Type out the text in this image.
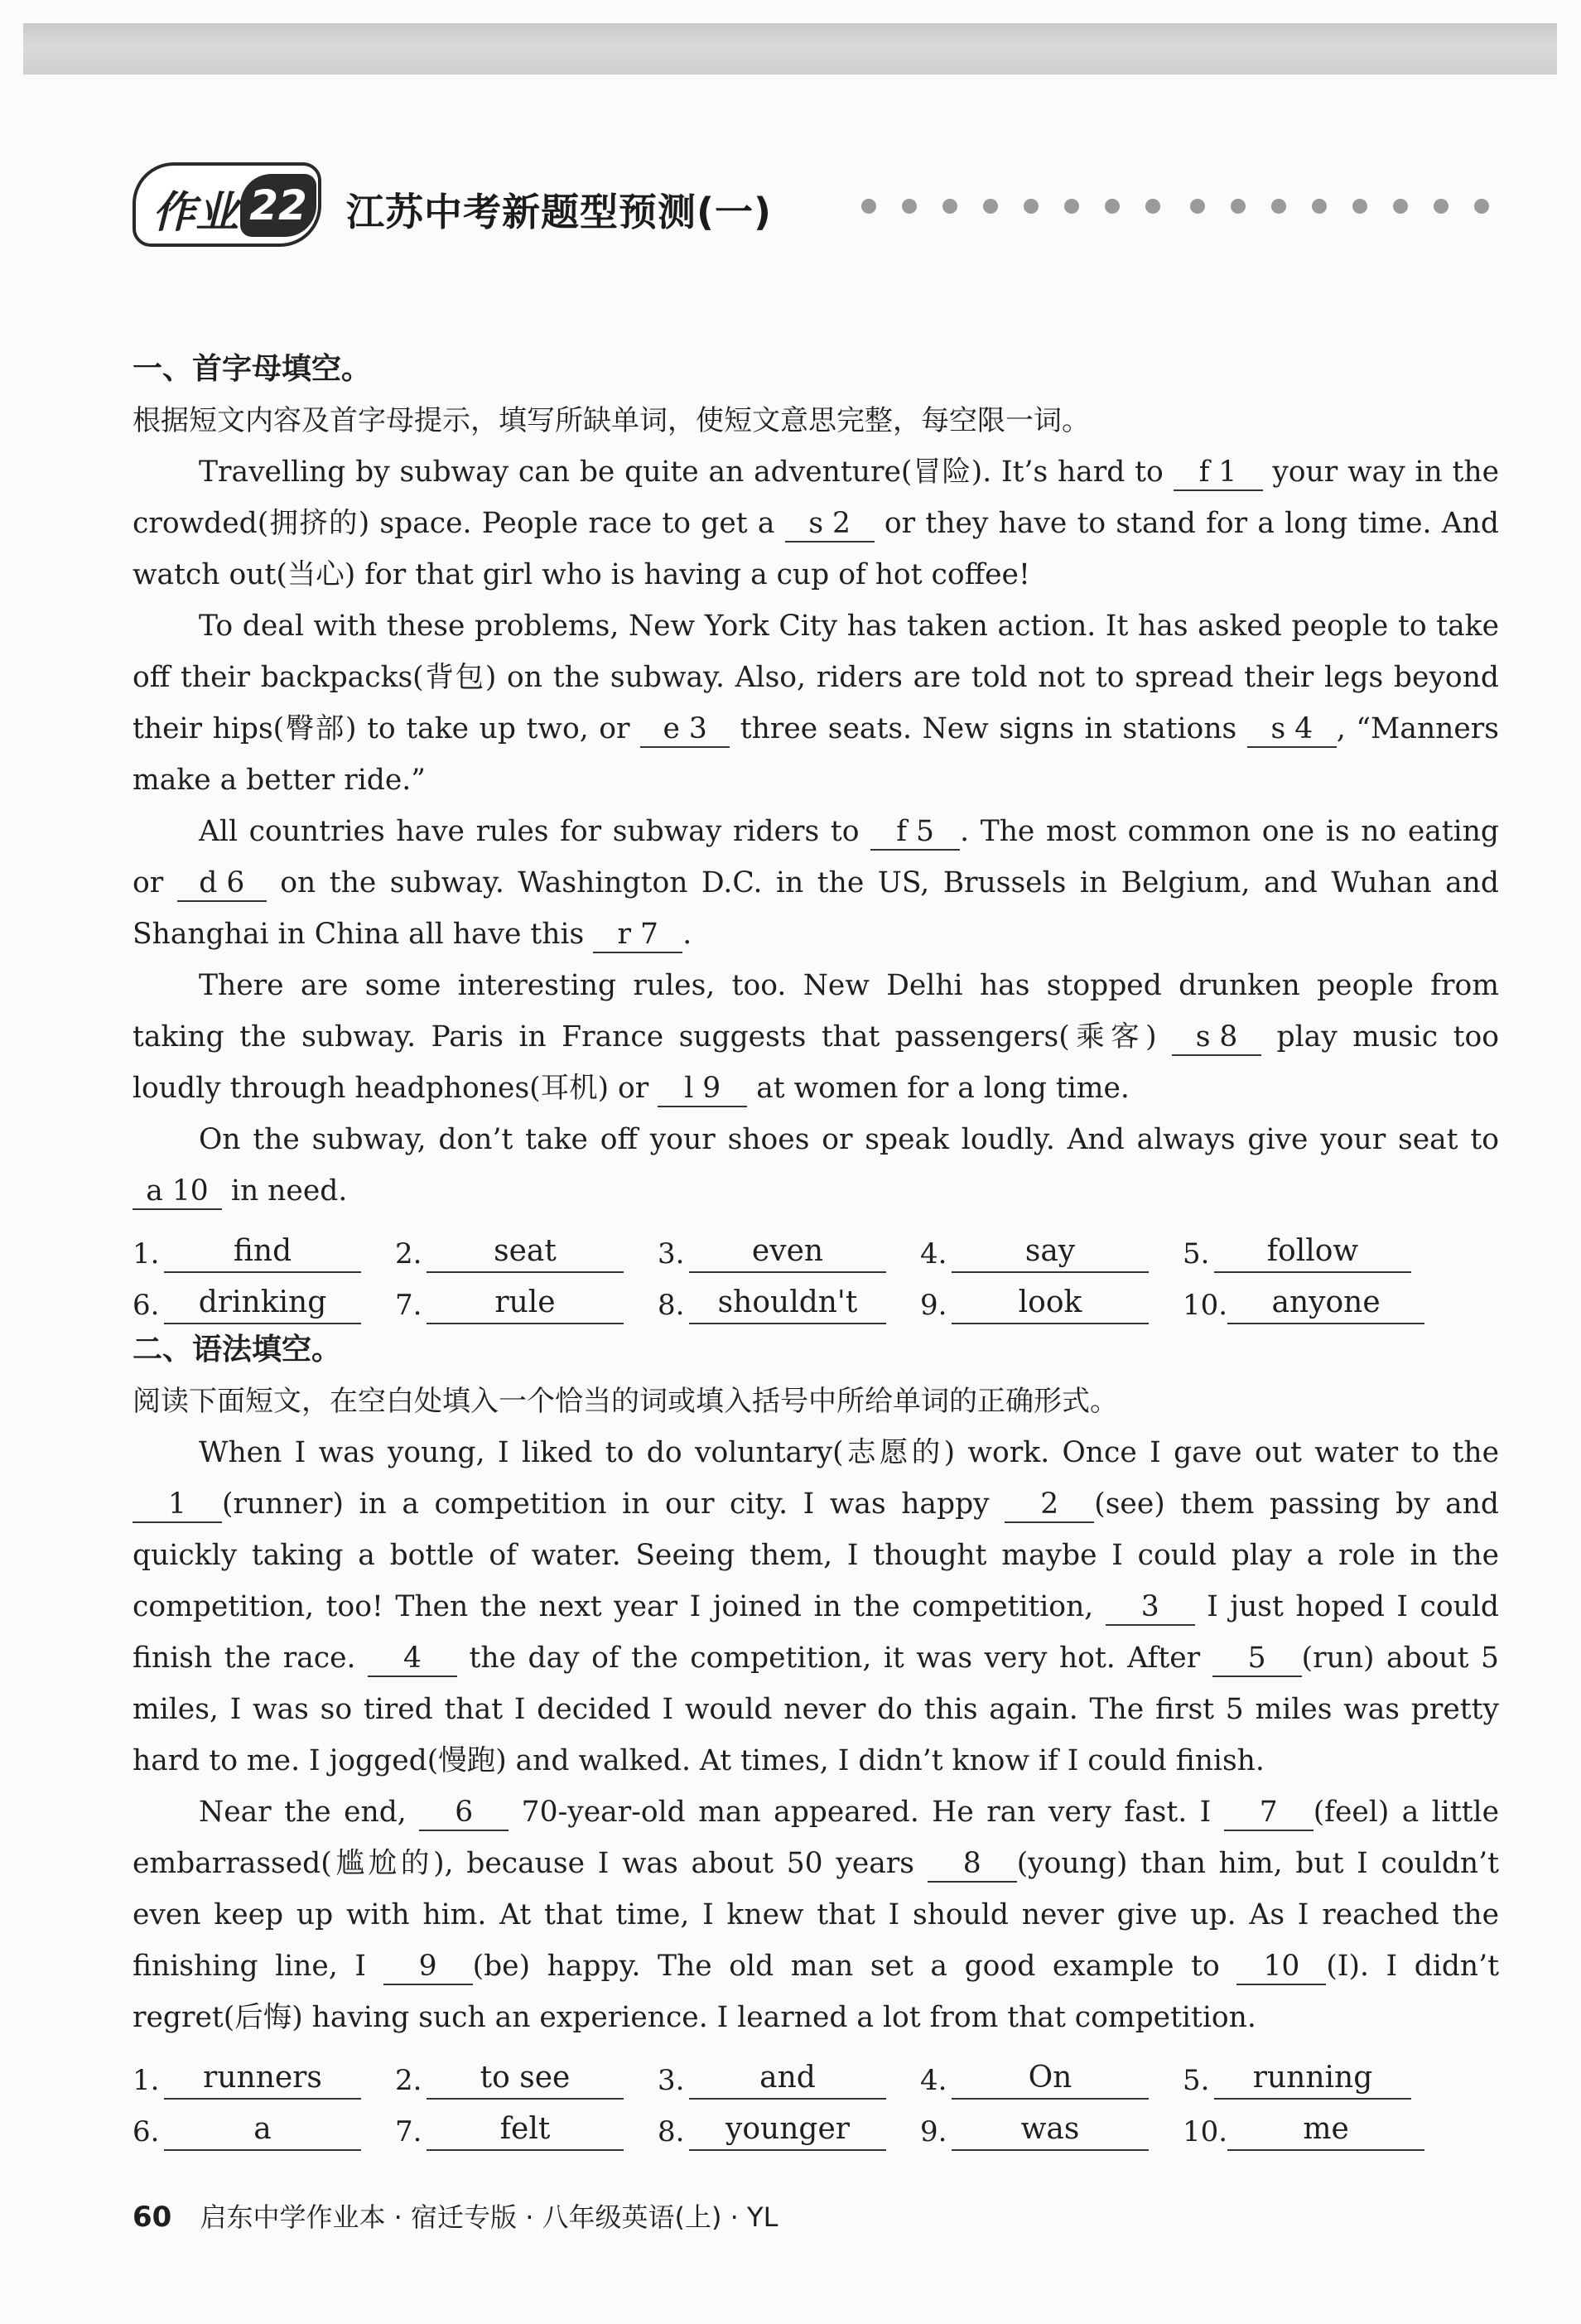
作业 22 江苏中考新题型预测(一)

一、首字母填空。
根据短文内容及首字母提示，填写所缺单词，使短文意思完整，每空限一词。

Travelling by subway can be quite an adventure(冒险). It’s hard to f 1 your way in the crowded(拥挤的) space. People race to get a s 2 or they have to stand for a long time. And watch out(当心) for that girl who is having a cup of hot coffee!

To deal with these problems, New York City has taken action. It has asked people to take off their backpacks(背包) on the subway. Also, riders are told not to spread their legs beyond their hips(臀部) to take up two, or e 3 three seats. New signs in stations s 4 , “Manners make a better ride.”

All countries have rules for subway riders to f 5 . The most common one is no eating or d 6 on the subway. Washington D.C. in the US, Brussels in Belgium, and Wuhan and Shanghai in China all have this r 7 .

There are some interesting rules, too. New Delhi has stopped drunken people from taking the subway. Paris in France suggests that passengers(乘客) s 8 play music too loudly through headphones(耳机) or l 9 at women for a long time.

On the subway, don’t take off your shoes or speak loudly. And always give your seat to a 10 in need.

1.	find	2.	seat	3.	even	4.	say	5.	follow
6.	drinking	7.	rule	8.	shouldn't	9.	look	10.	anyone
二、语法填空。
阅读下面短文，在空白处填入一个恰当的词或填入括号中所给单词的正确形式。

When I was young, I liked to do voluntary(志愿的) work. Once I gave out water to the 1 (runner) in a competition in our city. I was happy 2 (see) them passing by and quickly taking a bottle of water. Seeing them, I thought maybe I could play a role in the competition, too! Then the next year I joined in the competition, 3 I just hoped I could finish the race. 4 the day of the competition, it was very hot. After 5 (run) about 5 miles, I was so tired that I decided I would never do this again. The first 5 miles was pretty hard to me. I jogged(慢跑) and walked. At times, I didn’t know if I could finish.

Near the end, 6 70-year-old man appeared. He ran very fast. I 7 (feel) a little embarrassed(尴尬的), because I was about 50 years 8 (young) than him, but I couldn’t even keep up with him. At that time, I knew that I should never give up. As I reached the finishing line, I 9 (be) happy. The old man set a good example to 10 (I). I didn’t regret(后悔) having such an experience. I learned a lot from that competition.

1.	runners	2.	to see	3.	and	4.	On	5.	running
6.	a	7.	felt	8.	younger	9.	was	10.	me
60 启东中学作业本 · 宿迁专版 · 八年级英语(上) · YL
